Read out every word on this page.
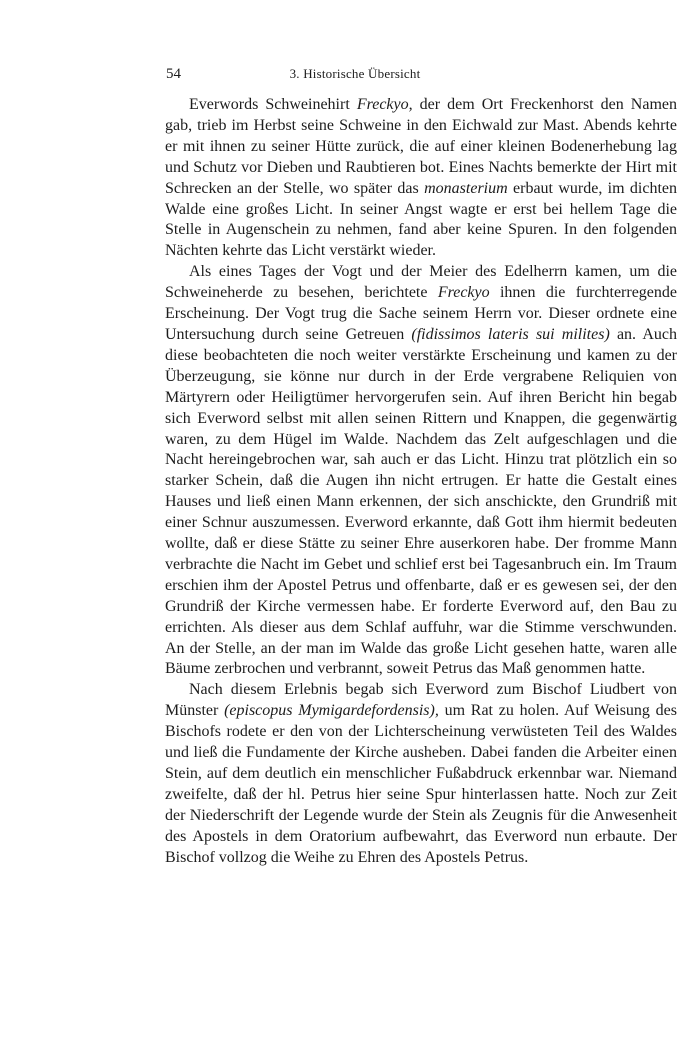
54	3. Historische Übersicht

Everwords Schweinehirt Freckyo, der dem Ort Freckenhorst den Namen gab, trieb im Herbst seine Schweine in den Eichwald zur Mast. Abends kehrte er mit ihnen zu seiner Hütte zurück, die auf einer kleinen Bodenerhebung lag und Schutz vor Dieben und Raubtieren bot. Eines Nachts bemerkte der Hirt mit Schrecken an der Stelle, wo später das monasterium erbaut wurde, im dichten Walde eine großes Licht. In seiner Angst wagte er erst bei hellem Tage die Stelle in Augenschein zu nehmen, fand aber keine Spuren. In den folgenden Nächten kehrte das Licht verstärkt wieder.

Als eines Tages der Vogt und der Meier des Edelherrn kamen, um die Schweineherde zu besehen, berichtete Freckyo ihnen die furchterregende Erscheinung. Der Vogt trug die Sache seinem Herrn vor. Dieser ordnete eine Untersuchung durch seine Getreuen (fidissimos lateris sui milites) an. Auch diese beobachteten die noch weiter verstärkte Erscheinung und kamen zu der Überzeugung, sie könne nur durch in der Erde vergrabene Reliquien von Märtyrern oder Heiligtümer hervorgerufen sein. Auf ihren Bericht hin begab sich Everword selbst mit allen seinen Rittern und Knappen, die gegenwärtig waren, zu dem Hügel im Walde. Nachdem das Zelt aufgeschlagen und die Nacht hereingebrochen war, sah auch er das Licht. Hinzu trat plötzlich ein so starker Schein, daß die Augen ihn nicht ertrugen. Er hatte die Gestalt eines Hauses und ließ einen Mann erkennen, der sich anschickte, den Grundriß mit einer Schnur auszumessen. Everword erkannte, daß Gott ihm hiermit bedeuten wollte, daß er diese Stätte zu seiner Ehre auserkoren habe. Der fromme Mann verbrachte die Nacht im Gebet und schlief erst bei Tagesanbruch ein. Im Traum erschien ihm der Apostel Petrus und offenbarte, daß er es gewesen sei, der den Grundriß der Kirche vermessen habe. Er forderte Everword auf, den Bau zu errichten. Als dieser aus dem Schlaf auffuhr, war die Stimme verschwunden. An der Stelle, an der man im Walde das große Licht gesehen hatte, waren alle Bäume zerbrochen und verbrannt, soweit Petrus das Maß genommen hatte.

Nach diesem Erlebnis begab sich Everword zum Bischof Liudbert von Münster (episcopus Mymigardefordensis), um Rat zu holen. Auf Weisung des Bischofs rodete er den von der Lichterscheinung verwüsteten Teil des Waldes und ließ die Fundamente der Kirche ausheben. Dabei fanden die Arbeiter einen Stein, auf dem deutlich ein menschlicher Fußabdruck erkennbar war. Niemand zweifelte, daß der hl. Petrus hier seine Spur hinterlassen hatte. Noch zur Zeit der Niederschrift der Legende wurde der Stein als Zeugnis für die Anwesenheit des Apostels in dem Oratorium aufbewahrt, das Everword nun erbaute. Der Bischof vollzog die Weihe zu Ehren des Apostels Petrus.
